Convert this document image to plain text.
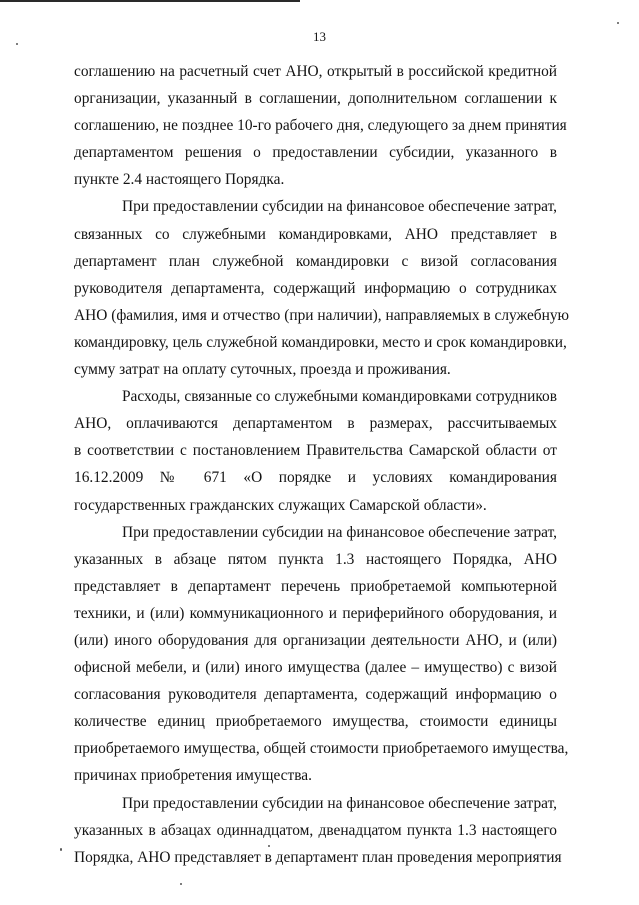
13
соглашению на расчетный счет АНО, открытый в российской кредитной
организации, указанный в соглашении, дополнительном соглашении к
соглашению, не позднее 10-го рабочего дня, следующего за днем принятия
департаментом решения о предоставлении субсидии, указанного в
пункте 2.4 настоящего Порядка.
При предоставлении субсидии на финансовое обеспечение затрат,
связанных со служебными командировками, АНО представляет в
департамент план служебной командировки с визой согласования
руководителя департамента, содержащий информацию о сотрудниках
АНО (фамилия, имя и отчество (при наличии), направляемых в служебную
командировку, цель служебной командировки, место и срок командировки,
сумму затрат на оплату суточных, проезда и проживания.
Расходы, связанные со служебными командировками сотрудников
АНО, оплачиваются департаментом в размерах, рассчитываемых
в соответствии с постановлением Правительства Самарской области от
16.12.2009 № 671 «О порядке и условиях командирования
государственных гражданских служащих Самарской области».
При предоставлении субсидии на финансовое обеспечение затрат,
указанных в абзаце пятом пункта 1.3 настоящего Порядка, АНО
представляет в департамент перечень приобретаемой компьютерной
техники, и (или) коммуникационного и периферийного оборудования, и
(или) иного оборудования для организации деятельности АНО, и (или)
офисной мебели, и (или) иного имущества (далее – имущество) с визой
согласования руководителя департамента, содержащий информацию о
количестве единиц приобретаемого имущества, стоимости единицы
приобретаемого имущества, общей стоимости приобретаемого имущества,
причинах приобретения имущества.
При предоставлении субсидии на финансовое обеспечение затрат,
указанных в абзацах одиннадцатом, двенадцатом пункта 1.3 настоящего
Порядка, АНО представляет в департамент план проведения мероприятия
